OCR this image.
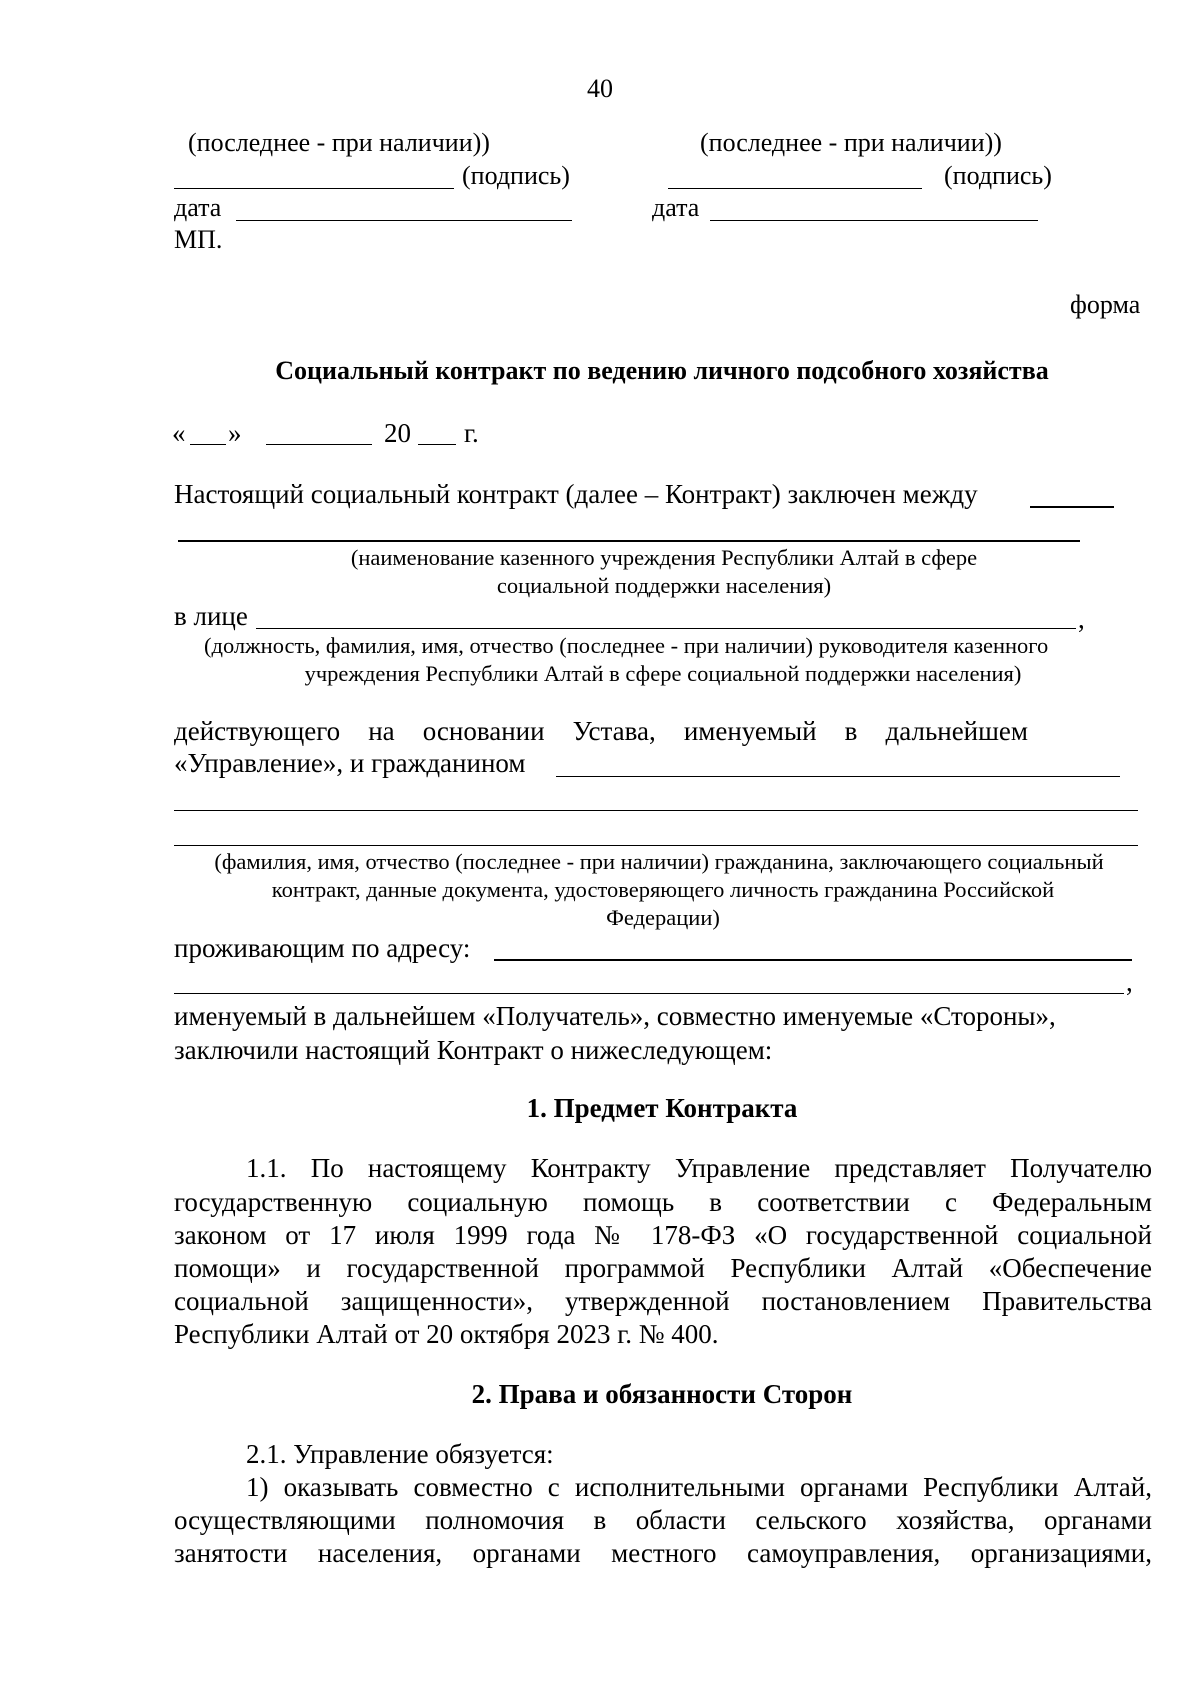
40
(последнее - при наличии))	(последнее - при наличии))
(подпись)	(подпись)
дата	дата
МП.
форма
Социальный контракт по ведению личного подсобного хозяйства
« »	20 г.
Настоящий социальный контракт (далее – Контракт) заключен между
(наименование казенного учреждения Республики Алтай в сфере
социальной поддержки населения)
в лице	,
(должность, фамилия, имя, отчество (последнее - при наличии) руководителя казенного
учреждения Республики Алтай в сфере социальной поддержки населения)
действующего на основании Устава, именуемый в дальнейшем
«Управление», и гражданином
(фамилия, имя, отчество (последнее - при наличии) гражданина, заключающего социальный
контракт, данные документа, удостоверяющего личность гражданина Российской
Федерации)
проживающим по адресу:
,
именуемый в дальнейшем «Получатель», совместно именуемые «Стороны»,
заключили настоящий Контракт о нижеследующем:
1. Предмет Контракта
1.1. По настоящему Контракту Управление представляет Получателю
государственную социальную помощь в соответствии с Федеральным
законом от 17 июля 1999 года № 178-ФЗ «О государственной социальной
помощи» и государственной программой Республики Алтай «Обеспечение
социальной защищенности», утвержденной постановлением Правительства
Республики Алтай от 20 октября 2023 г. № 400.
2. Права и обязанности Сторон
2.1. Управление обязуется:
1) оказывать совместно с исполнительными органами Республики Алтай,
осуществляющими полномочия в области сельского хозяйства, органами
занятости населения, органами местного самоуправления, организациями,
